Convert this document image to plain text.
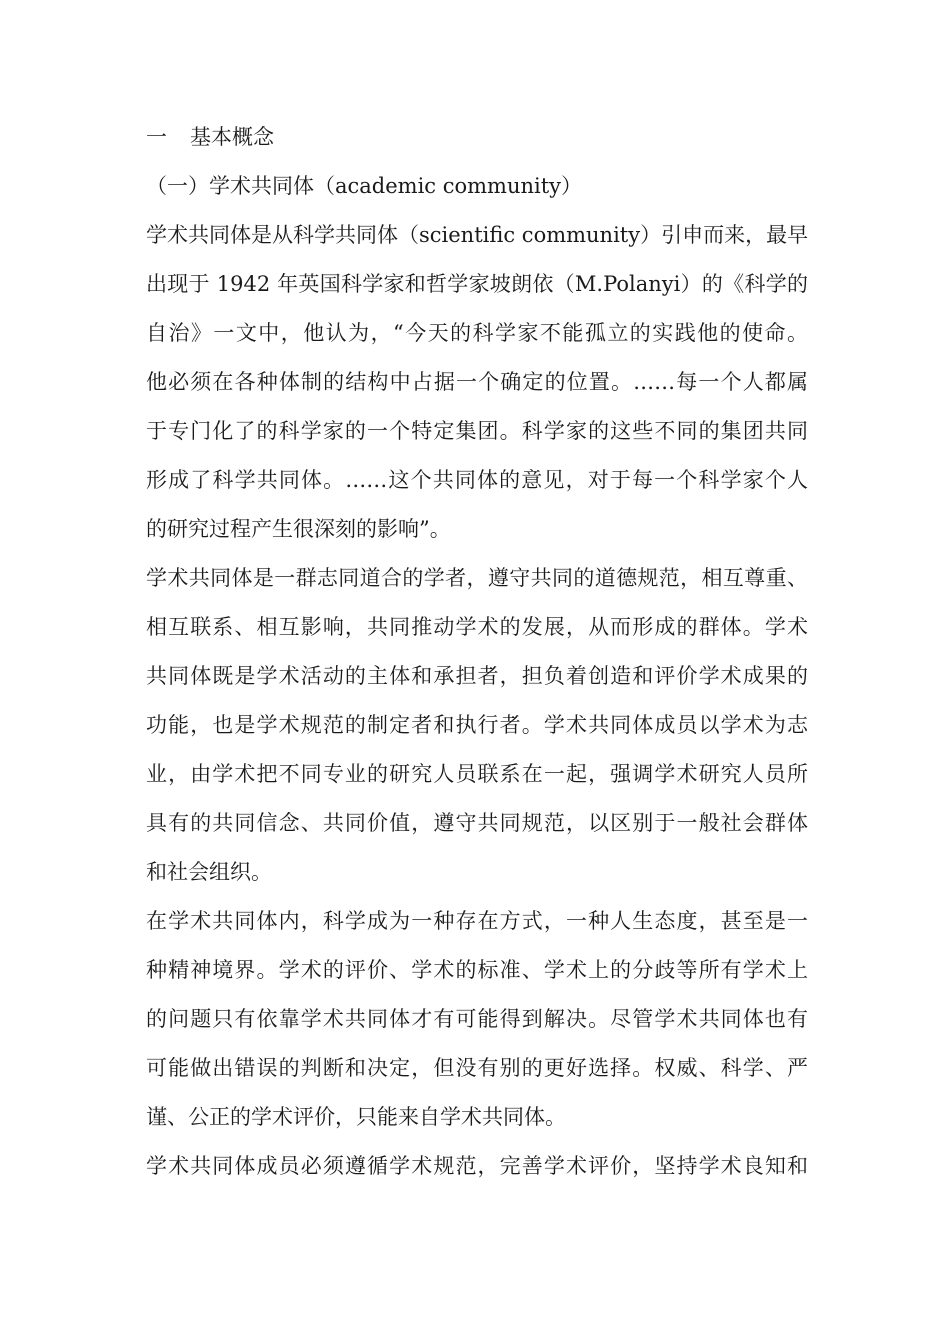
一 基本概念
（一）学术共同体（academic community）
学术共同体是从科学共同体（scientific community）引申而来，最早
出现于 1942 年英国科学家和哲学家坡朗依（M.Polanyi）的《科学的
自治》一文中，他认为，“今天的科学家不能孤立的实践他的使命。
他必须在各种体制的结构中占据一个确定的位置。……每一个人都属
于专门化了的科学家的一个特定集团。科学家的这些不同的集团共同
形成了科学共同体。……这个共同体的意见，对于每一个科学家个人
的研究过程产生很深刻的影响”。
学术共同体是一群志同道合的学者，遵守共同的道德规范，相互尊重、
相互联系、相互影响，共同推动学术的发展，从而形成的群体。学术
共同体既是学术活动的主体和承担者，担负着创造和评价学术成果的
功能，也是学术规范的制定者和执行者。学术共同体成员以学术为志
业，由学术把不同专业的研究人员联系在一起，强调学术研究人员所
具有的共同信念、共同价值，遵守共同规范，以区别于一般社会群体
和社会组织。
在学术共同体内，科学成为一种存在方式，一种人生态度，甚至是一
种精神境界。学术的评价、学术的标准、学术上的分歧等所有学术上
的问题只有依靠学术共同体才有可能得到解决。尽管学术共同体也有
可能做出错误的判断和决定，但没有别的更好选择。权威、科学、严
谨、公正的学术评价，只能来自学术共同体。
学术共同体成员必须遵循学术规范，完善学术评价，坚持学术良知和
